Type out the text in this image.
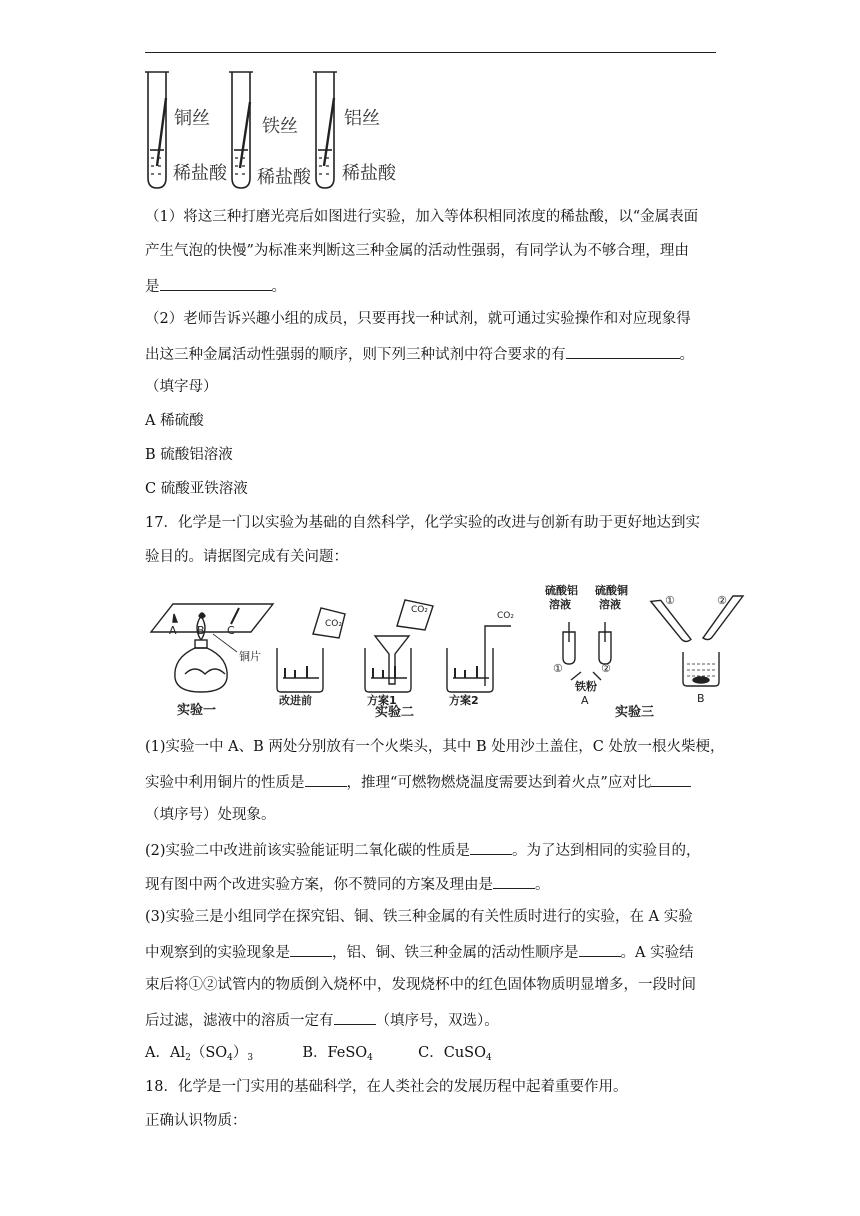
铜丝	铁丝	铝丝
稀盐酸 稀盐酸 稀盐酸
（1）将这三种打磨光亮后如图进行实验，加入等体积相同浓度的稀盐酸，以“金属表面
产生气泡的快慢”为标准来判断这三种金属的活动性强弱，有同学认为不够合理，理由
是	。
（2）老师告诉兴趣小组的成员，只要再找一种试剂，就可通过实验操作和对应现象得
出这三种金属活动性强弱的顺序，则下列三种试剂中符合要求的有	。
（填字母）
A 稀硫酸
B 硫酸铝溶液
C 硫酸亚铁溶液
17．化学是一门以实验为基础的自然科学，化学实验的改进与创新有助于更好地达到实
验目的。请据图完成有关问题：
A B C
铜片
实验一
CO₂
CO₂
CO₂
改进前	方案1	方案2
实验二
硫酸铝
溶液
硫酸铜
溶液
①	②
铁粉
A
①	②
B
实验三
(1)实验一中 A、B 两处分别放有一个火柴头，其中 B 处用沙土盖住，C 处放一根火柴梗，
实验中利用铜片的性质是	，推理“可燃物燃烧温度需要达到着火点”应对比
（填序号）处现象。
(2)实验二中改进前该实验能证明二氧化碳的性质是	。为了达到相同的实验目的，
现有图中两个改进实验方案，你不赞同的方案及理由是	。
(3)实验三是小组同学在探究铝、铜、铁三种金属的有关性质时进行的实验，在 A 实验
中观察到的实验现象是	，铝、铜、铁三种金属的活动性顺序是	。A 实验结
束后将①②试管内的物质倒入烧杯中，发现烧杯中的红色固体物质明显增多，一段时间
后过滤，滤液中的溶质一定有	（填序号，双选）。
A．$Al_2(SO_4)_3$	B．FeSO$_4$	C．CuSO$_4$
18．化学是一门实用的基础科学，在人类社会的发展历程中起着重要作用。
正确认识物质：
